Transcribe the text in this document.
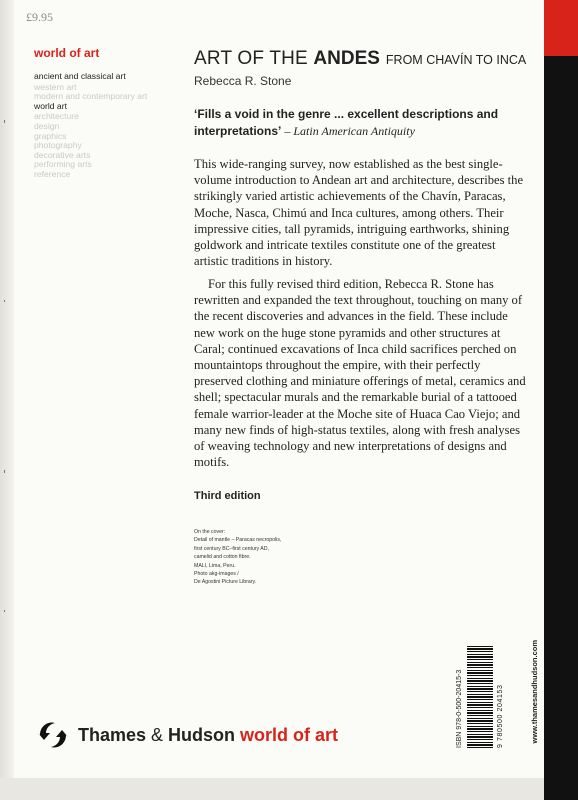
£9.95
world of art
ancient and classical art
western art
modern and contemporary art
world art
architecture
design
graphics
photography
decorative arts
performing arts
reference
ART OF THE ANDES FROM CHAVÍN TO INCA
Rebecca R. Stone
‘Fills a void in the genre ... excellent descriptions and interpretations’ – Latin American Antiquity

This wide-ranging survey, now established as the best single-volume introduction to Andean art and architecture, describes the strikingly varied artistic achievements of the Chavín, Paracas, Moche, Nasca, Chimú and Inca cultures, among others. Their impressive cities, tall pyramids, intriguing earthworks, shining goldwork and intricate textiles constitute one of the greatest artistic traditions in history.

For this fully revised third edition, Rebecca R. Stone has rewritten and expanded the text throughout, touching on many of the recent discoveries and advances in the field. These include new work on the huge stone pyramids and other structures at Caral; continued excavations of Inca child sacrifices perched on mountaintops throughout the empire, with their perfectly preserved clothing and miniature offerings of metal, ceramics and shell; spectacular murals and the remarkable burial of a tattooed female warrior-leader at the Moche site of Huaca Cao Viejo; and many new finds of high-status textiles, along with fresh analyses of weaving technology and new interpretations of designs and motifs.

Third edition
On the cover:
Detail of mantle – Paracas necropolis,
first century BC–first century AD,
camelid and cotton fibre.
MALI, Lima, Peru.
Photo akg-images /
De Agostini Picture Library.
ISBN 978-0-500-20415-3	9 780500 204153	www.thamesandhudson.com
Thames & Hudson world of art
